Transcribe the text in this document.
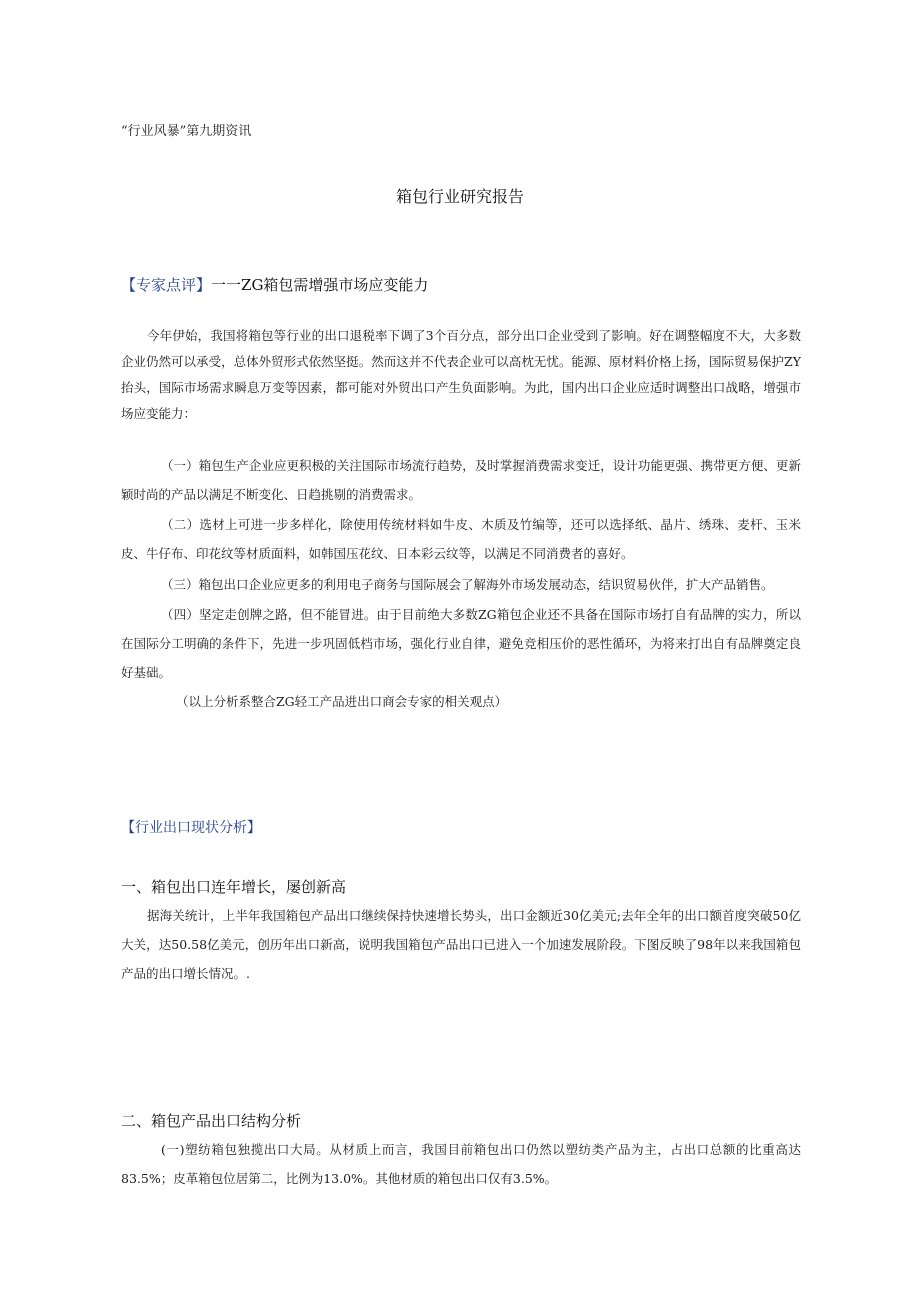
“行业风暴”第九期资讯
箱包行业研究报告
【专家点评】一一ZG箱包需增强市场应变能力
今年伊始，我国将箱包等行业的出口退税率下调了3个百分点，部分出口企业受到了影响。好在调整幅度不大，大多数企业仍然可以承受，总体外贸形式依然坚挺。然而这并不代表企业可以高枕无忧。能源、原材料价格上扬，国际贸易保护ZY抬头，国际市场需求瞬息万变等因素，都可能对外贸出口产生负面影响。为此，国内出口企业应适时调整出口战略，增强市场应变能力：
（一）箱包生产企业应更积极的关注国际市场流行趋势，及时掌握消费需求变迁，设计功能更强、携带更方便、更新颖时尚的产品以满足不断变化、日趋挑剔的消费需求。
（二）选材上可进一步多样化，除使用传统材料如牛皮、木质及竹编等，还可以选择纸、晶片、绣珠、麦杆、玉米皮、牛仔布、印花纹等材质面料，如韩国压花纹、日本彩云纹等，以满足不同消费者的喜好。
（三）箱包出口企业应更多的利用电子商务与国际展会了解海外市场发展动态，结识贸易伙伴，扩大产品销售。
（四）坚定走创牌之路，但不能冒进。由于目前绝大多数ZG箱包企业还不具备在国际市场打自有品牌的实力，所以在国际分工明确的条件下，先进一步巩固低档市场，强化行业自律，避免竞相压价的恶性循环，为将来打出自有品牌奠定良好基础。
（以上分析系整合ZG轻工产品进出口商会专家的相关观点）
【行业出口现状分析】
一、箱包出口连年增长，屡创新高
据海关统计，上半年我国箱包产品出口继续保持快速增长势头，出口金额近30亿美元;去年全年的出口额首度突破50亿大关，达50.58亿美元，创历年出口新高，说明我国箱包产品出口已进入一个加速发展阶段。下图反映了98年以来我国箱包产品的出口增长情况。.
二、箱包产品出口结构分析
(一)塑纺箱包独揽出口大局。从材质上而言，我国目前箱包出口仍然以塑纺类产品为主，占出口总额的比重高达83.5%；皮革箱包位居第二，比例为13.0%。其他材质的箱包出口仅有3.5%。
